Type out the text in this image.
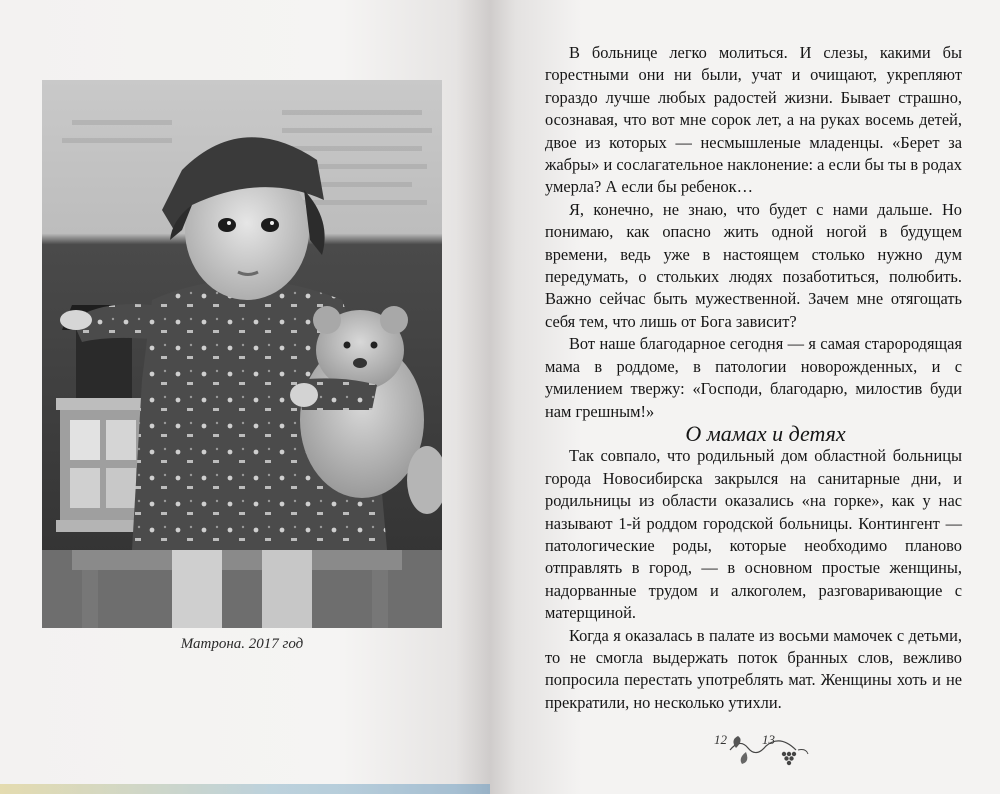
Матрона. 2017 год

В больнице легко молиться. И слезы, какими бы горестными они ни были, учат и очищают, укрепляют гораздо лучше любых радостей жизни. Бывает страшно, осознавая, что вот мне сорок лет, а на руках восемь детей, двое из которых — несмышленые младенцы. «Берет за жабры» и сослагательное наклонение: а если бы ты в родах умерла? А если бы ребенок…

Я, конечно, не знаю, что будет с нами дальше. Но понимаю, как опасно жить одной ногой в будущем времени, ведь уже в настоящем столько нужно дум передумать, о стольких людях позаботиться, полюбить. Важно сейчас быть мужественной. Зачем мне отягощать себя тем, что лишь от Бога зависит?

Вот наше благодарное сегодня — я самая старородящая мама в роддоме, в патологии новорожденных, и с умилением твержу: «Господи, благодарю, милостив буди нам грешным!»

О мамах и детях

Так совпало, что родильный дом областной больницы города Новосибирска закрылся на санитарные дни, и родильницы из области оказались «на горке», как у нас называют 1-й роддом городской больницы. Контингент — патологические роды, которые необходимо планово отправлять в город, — в основном простые женщины, надорванные трудом и алкоголем, разговаривающие с матерщиной.

Когда я оказалась в палате из восьми мамочек с детьми, то не смогла выдержать поток бранных слов, вежливо попросила перестать употреблять мат. Женщины хоть и не прекратили, но несколько утихли.

12	13
